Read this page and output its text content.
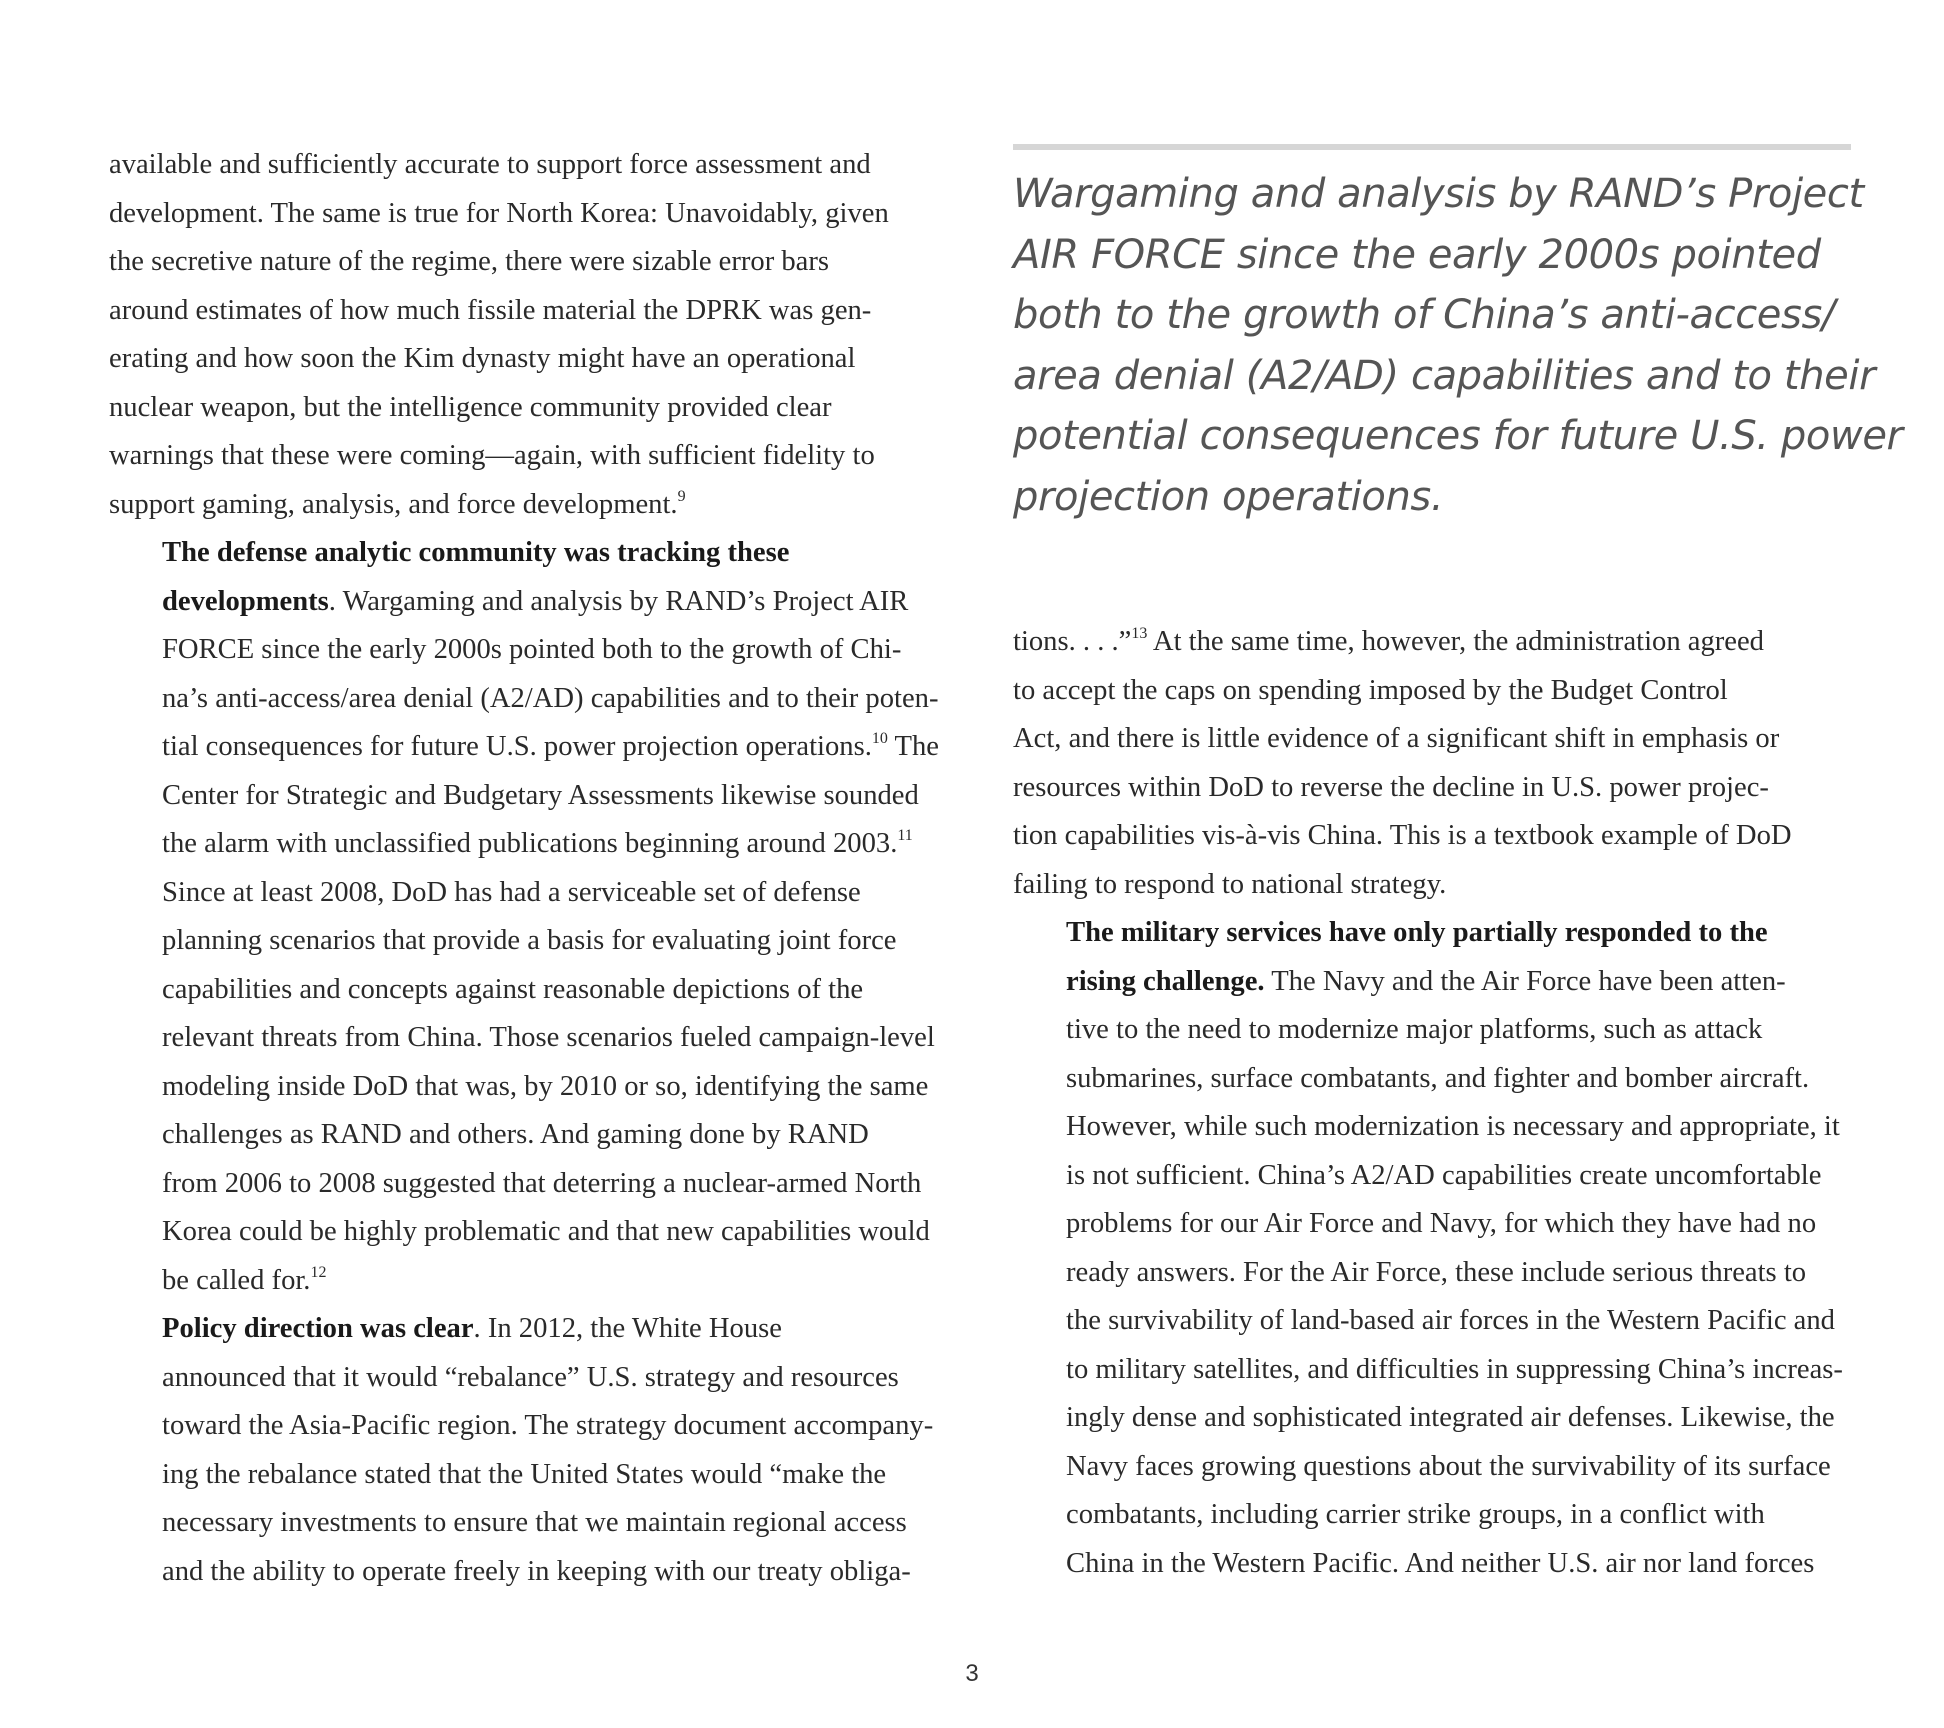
available and sufficiently accurate to support force assessment and
development. The same is true for North Korea: Unavoidably, given
the secretive nature of the regime, there were sizable error bars
around estimates of how much fissile material the DPRK was gen-
erating and how soon the Kim dynasty might have an operational
nuclear weapon, but the intelligence community provided clear
warnings that these were coming—again, with sufficient fidelity to
support gaming, analysis, and force development.$^9$

The defense analytic community was tracking these
developments. Wargaming and analysis by RAND’s Project AIR
FORCE since the early 2000s pointed both to the growth of Chi-
na’s anti-access/area denial (A2/AD) capabilities and to their poten-
tial consequences for future U.S. power projection operations.$^{10}$ The
Center for Strategic and Budgetary Assessments likewise sounded
the alarm with unclassified publications beginning around 2003.11
Since at least 2008, DoD has had a serviceable set of defense
planning scenarios that provide a basis for evaluating joint force
capabilities and concepts against reasonable depictions of the
relevant threats from China. Those scenarios fueled campaign-level
modeling inside DoD that was, by 2010 or so, identifying the same
challenges as RAND and others. And gaming done by RAND
from 2006 to 2008 suggested that deterring a nuclear-armed North
Korea could be highly problematic and that new capabilities would
be called for.$^{12}$

Policy direction was clear. In 2012, the White House
announced that it would “rebalance” U.S. strategy and resources
toward the Asia-Pacific region. The strategy document accompany-
ing the rebalance stated that the United States would “make the
necessary investments to ensure that we maintain regional access
and the ability to operate freely in keeping with our treaty obliga-

Wargaming and analysis by RAND’s Project
AIR FORCE since the early 2000s pointed
both to the growth of China’s anti-access/
area denial (A2/AD) capabilities and to their
potential consequences for future U.S. power
projection operations.

tions. . . .”$^{13}$ At the same time, however, the administration agreed
to accept the caps on spending imposed by the Budget Control
Act, and there is little evidence of a significant shift in emphasis or
resources within DoD to reverse the decline in U.S. power projec-
tion capabilities vis-à-vis China. This is a textbook example of DoD
failing to respond to national strategy.

The military services have only partially responded to the
rising challenge. The Navy and the Air Force have been atten-
tive to the need to modernize major platforms, such as attack
submarines, surface combatants, and fighter and bomber aircraft.
However, while such modernization is necessary and appropriate, it
is not sufficient. China’s A2/AD capabilities create uncomfortable
problems for our Air Force and Navy, for which they have had no
ready answers. For the Air Force, these include serious threats to
the survivability of land-based air forces in the Western Pacific and
to military satellites, and difficulties in suppressing China’s increas-
ingly dense and sophisticated integrated air defenses. Likewise, the
Navy faces growing questions about the survivability of its surface
combatants, including carrier strike groups, in a conflict with
China in the Western Pacific. And neither U.S. air nor land forces

3
